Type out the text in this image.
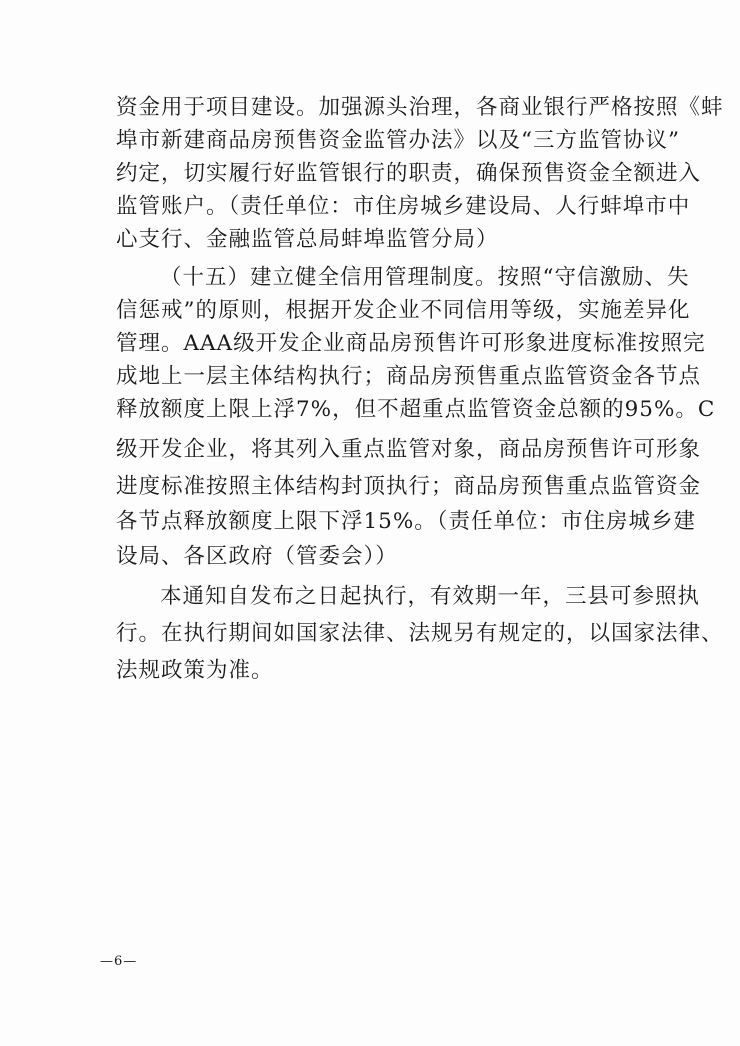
资金用于项目建设。加强源头治理，各商业银行严格按照《蚌
埠市新建商品房预售资金监管办法》以及“三方监管协议”
约定，切实履行好监管银行的职责，确保预售资金全额进入
监管账户。（责任单位：市住房城乡建设局、人行蚌埠市中
心支行、金融监管总局蚌埠监管分局）
（十五）建立健全信用管理制度。按照“守信激励、失
信惩戒”的原则，根据开发企业不同信用等级，实施差异化
管理。AAA级开发企业商品房预售许可形象进度标准按照完
成地上一层主体结构执行；商品房预售重点监管资金各节点
释放额度上限上浮7%，但不超重点监管资金总额的95%。C
级开发企业，将其列入重点监管对象，商品房预售许可形象
进度标准按照主体结构封顶执行；商品房预售重点监管资金
各节点释放额度上限下浮15%。（责任单位：市住房城乡建
设局、各区政府（管委会））
本通知自发布之日起执行，有效期一年，三县可参照执
行。在执行期间如国家法律、法规另有规定的，以国家法律、
法规政策为准。
—6—
